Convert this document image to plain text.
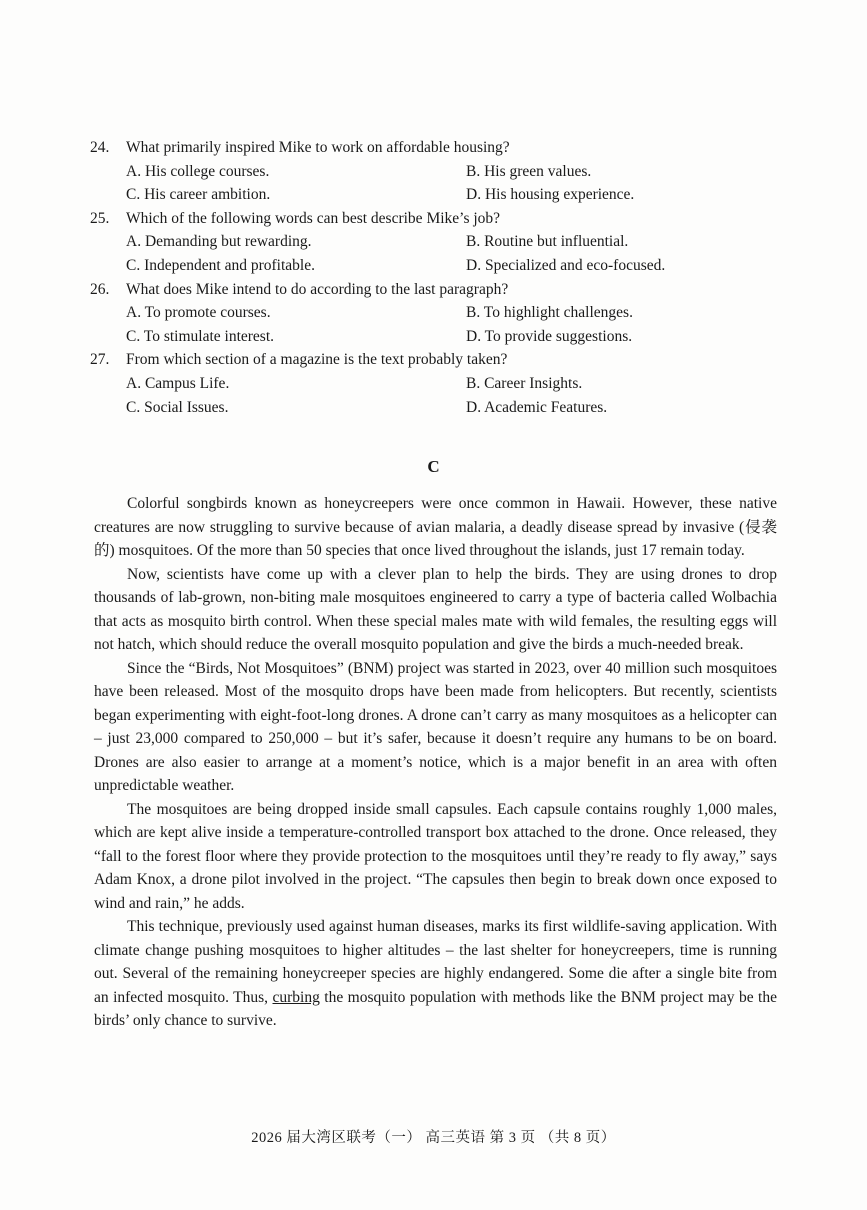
24.	What primarily inspired Mike to work on affordable housing?
A. His college courses.	B. His green values.
C. His career ambition.	D. His housing experience.
25.	Which of the following words can best describe Mike’s job?
A. Demanding but rewarding.	B. Routine but influential.
C. Independent and profitable.	D. Specialized and eco-focused.
26.	What does Mike intend to do according to the last paragraph?
A. To promote courses.	B. To highlight challenges.
C. To stimulate interest.	D. To provide suggestions.
27.	From which section of a magazine is the text probably taken?
A. Campus Life.	B. Career Insights.
C. Social Issues.	D. Academic Features.
C

Colorful songbirds known as honeycreepers were once common in Hawaii. However, these native creatures are now struggling to survive because of avian malaria, a deadly disease spread by invasive (侵袭的) mosquitoes. Of the more than 50 species that once lived throughout the islands, just 17 remain today.

Now, scientists have come up with a clever plan to help the birds. They are using drones to drop thousands of lab-grown, non-biting male mosquitoes engineered to carry a type of bacteria called Wolbachia that acts as mosquito birth control. When these special males mate with wild females, the resulting eggs will not hatch, which should reduce the overall mosquito population and give the birds a much-needed break.

Since the “Birds, Not Mosquitoes” (BNM) project was started in 2023, over 40 million such mosquitoes have been released. Most of the mosquito drops have been made from helicopters. But recently, scientists began experimenting with eight-foot-long drones. A drone can’t carry as many mosquitoes as a helicopter can – just 23,000 compared to 250,000 – but it’s safer, because it doesn’t require any humans to be on board. Drones are also easier to arrange at a moment’s notice, which is a major benefit in an area with often unpredictable weather.

The mosquitoes are being dropped inside small capsules. Each capsule contains roughly 1,000 males, which are kept alive inside a temperature-controlled transport box attached to the drone. Once released, they “fall to the forest floor where they provide protection to the mosquitoes until they’re ready to fly away,” says Adam Knox, a drone pilot involved in the project. “The capsules then begin to break down once exposed to wind and rain,” he adds.

This technique, previously used against human diseases, marks its first wildlife-saving application. With climate change pushing mosquitoes to higher altitudes – the last shelter for honeycreepers, time is running out. Several of the remaining honeycreeper species are highly endangered. Some die after a single bite from an infected mosquito. Thus, curbing the mosquito population with methods like the BNM project may be the birds’ only chance to survive.

2026 届大湾区联考（一） 高三英语 第 3 页 （共 8 页）
